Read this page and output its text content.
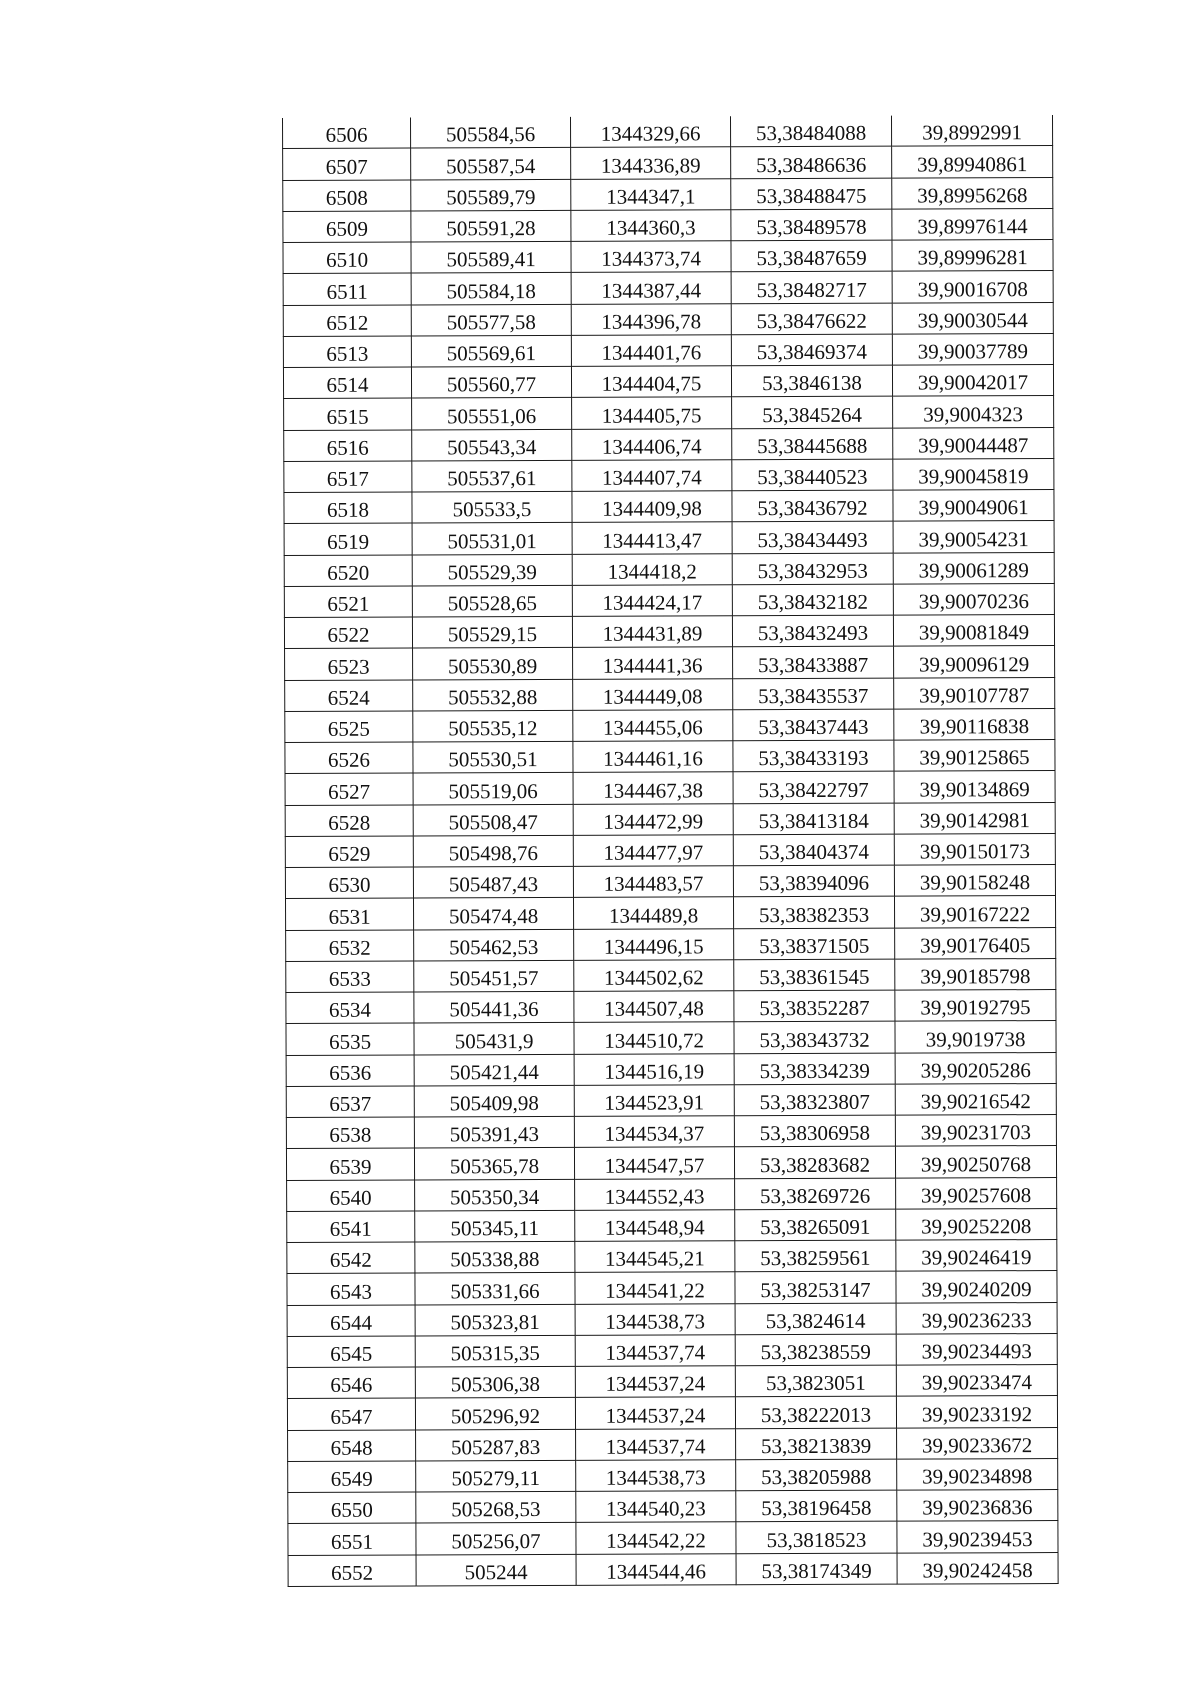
6506	505584,56	1344329,66	53,38484088	39,8992991
6507	505587,54	1344336,89	53,38486636	39,89940861
6508	505589,79	1344347,1	53,38488475	39,89956268
6509	505591,28	1344360,3	53,38489578	39,89976144
6510	505589,41	1344373,74	53,38487659	39,89996281
6511	505584,18	1344387,44	53,38482717	39,90016708
6512	505577,58	1344396,78	53,38476622	39,90030544
6513	505569,61	1344401,76	53,38469374	39,90037789
6514	505560,77	1344404,75	53,3846138	39,90042017
6515	505551,06	1344405,75	53,3845264	39,9004323
6516	505543,34	1344406,74	53,38445688	39,90044487
6517	505537,61	1344407,74	53,38440523	39,90045819
6518	505533,5	1344409,98	53,38436792	39,90049061
6519	505531,01	1344413,47	53,38434493	39,90054231
6520	505529,39	1344418,2	53,38432953	39,90061289
6521	505528,65	1344424,17	53,38432182	39,90070236
6522	505529,15	1344431,89	53,38432493	39,90081849
6523	505530,89	1344441,36	53,38433887	39,90096129
6524	505532,88	1344449,08	53,38435537	39,90107787
6525	505535,12	1344455,06	53,38437443	39,90116838
6526	505530,51	1344461,16	53,38433193	39,90125865
6527	505519,06	1344467,38	53,38422797	39,90134869
6528	505508,47	1344472,99	53,38413184	39,90142981
6529	505498,76	1344477,97	53,38404374	39,90150173
6530	505487,43	1344483,57	53,38394096	39,90158248
6531	505474,48	1344489,8	53,38382353	39,90167222
6532	505462,53	1344496,15	53,38371505	39,90176405
6533	505451,57	1344502,62	53,38361545	39,90185798
6534	505441,36	1344507,48	53,38352287	39,90192795
6535	505431,9	1344510,72	53,38343732	39,9019738
6536	505421,44	1344516,19	53,38334239	39,90205286
6537	505409,98	1344523,91	53,38323807	39,90216542
6538	505391,43	1344534,37	53,38306958	39,90231703
6539	505365,78	1344547,57	53,38283682	39,90250768
6540	505350,34	1344552,43	53,38269726	39,90257608
6541	505345,11	1344548,94	53,38265091	39,90252208
6542	505338,88	1344545,21	53,38259561	39,90246419
6543	505331,66	1344541,22	53,38253147	39,90240209
6544	505323,81	1344538,73	53,3824614	39,90236233
6545	505315,35	1344537,74	53,38238559	39,90234493
6546	505306,38	1344537,24	53,3823051	39,90233474
6547	505296,92	1344537,24	53,38222013	39,90233192
6548	505287,83	1344537,74	53,38213839	39,90233672
6549	505279,11	1344538,73	53,38205988	39,90234898
6550	505268,53	1344540,23	53,38196458	39,90236836
6551	505256,07	1344542,22	53,3818523	39,90239453
6552	505244	1344544,46	53,38174349	39,90242458
